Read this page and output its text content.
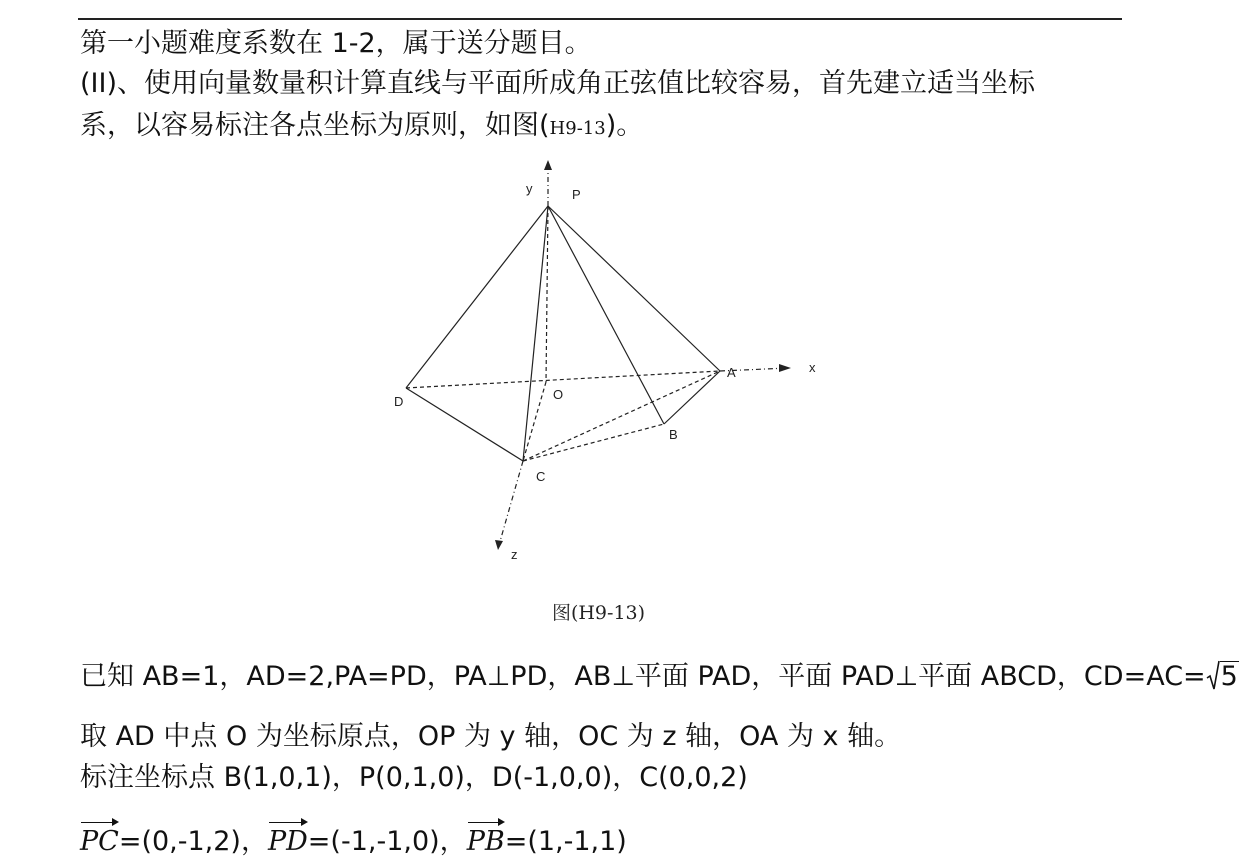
第一小题难度系数在 1-2，属于送分题目。
(II)、使用向量数量积计算直线与平面所成角正弦值比较容易，首先建立适当坐标
系，以容易标注各点坐标为原则，如图(H9-13)。
y	P
A	x
D	O
B
C
z
图(H9-13)
已知 AB=1，AD=2,PA=PD，PA⊥PD，AB⊥平面 PAD，平面 PAD⊥平面 ABCD，CD=AC= 5
取 AD 中点 O 为坐标原点，OP 为 y 轴，OC 为 z 轴，OA 为 x 轴。
标注坐标点 B(1,0,1)，P(0,1,0)，D(-1,0,0)，C(0,0,2)
PC=(0,-1,2)，PD=(-1,-1,0)，PB=(1,-1,1)
